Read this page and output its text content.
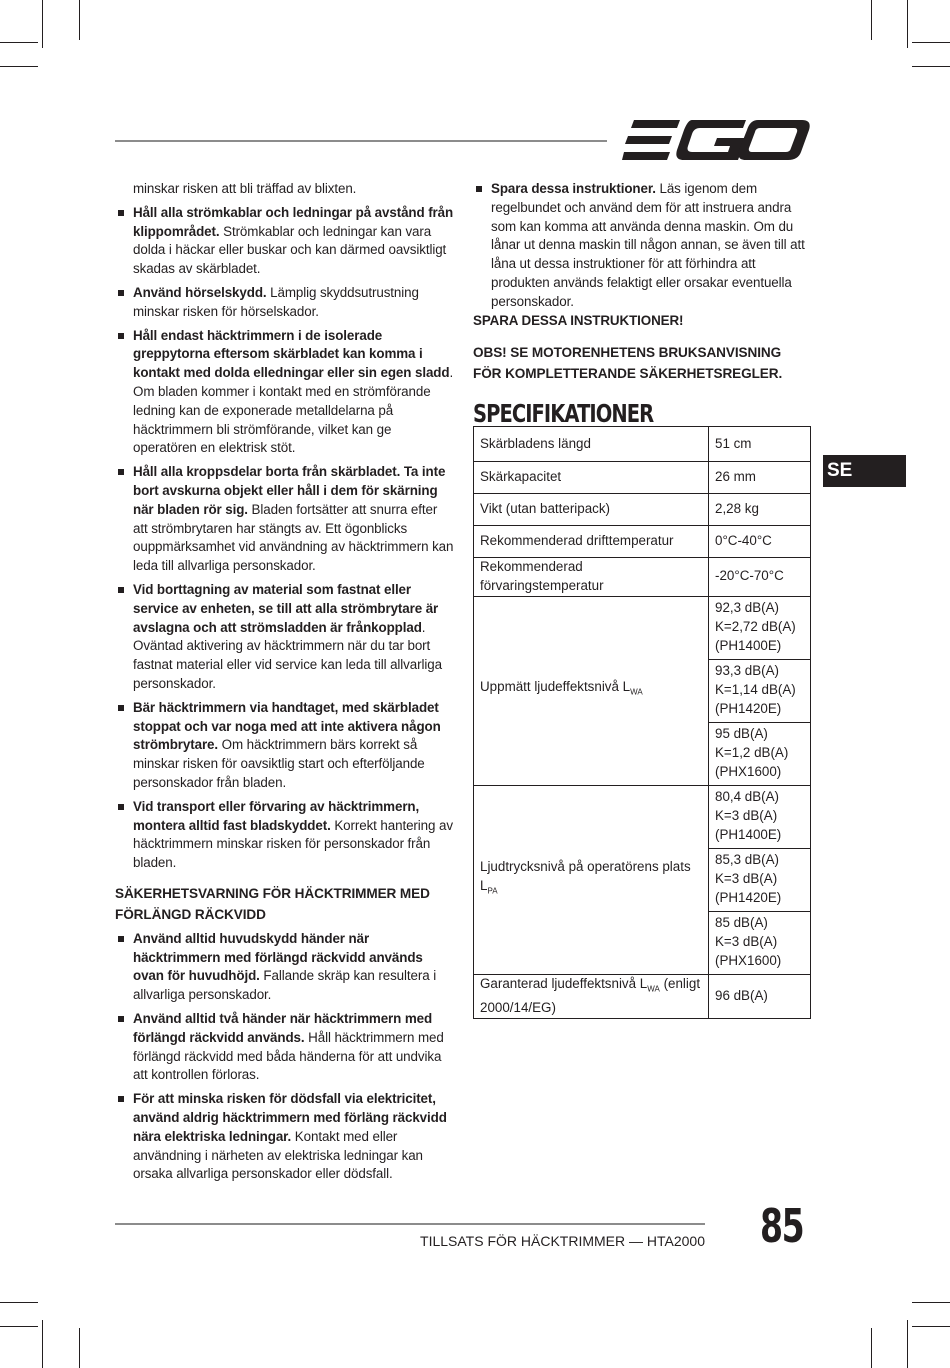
minskar risken att bli träffad av blixten.

Håll alla strömkablar och ledningar på avstånd från klippområdet. Strömkablar och ledningar kan vara dolda i häckar eller buskar och kan därmed oavsiktligt skadas av skärbladet.
Använd hörselskydd. Lämplig skyddsutrustning minskar risken för hörselskador.
Håll endast häcktrimmern i de isolerade greppytorna eftersom skärbladet kan komma i kontakt med dolda elledningar eller sin egen sladd. Om bladen kommer i kontakt med en strömförande ledning kan de exponerade metalldelarna på häcktrimmern bli strömförande, vilket kan ge operatören en elektrisk stöt.
Håll alla kroppsdelar borta från skärbladet. Ta inte bort avskurna objekt eller håll i dem för skärning när bladen rör sig. Bladen fortsätter att snurra efter att strömbrytaren har stängts av. Ett ögonblicks ouppmärksamhet vid användning av häcktrimmern kan leda till allvarliga personskador.
Vid borttagning av material som fastnat eller service av enheten, se till att alla strömbrytare är avslagna och att strömsladden är frånkopplad. Oväntad aktivering av häcktrimmern när du tar bort fastnat material eller vid service kan leda till allvarliga personskador.
Bär häcktrimmern via handtaget, med skärbladet stoppat och var noga med att inte aktivera någon strömbrytare. Om häcktrimmern bärs korrekt så minskar risken för oavsiktlig start och efterföljande personskador från bladen.
Vid transport eller förvaring av häcktrimmern, montera alltid fast bladskyddet. Korrekt hantering av häcktrimmern minskar risken för personskador från bladen.

SÄKERHETSVARNING FÖR HÄCKTRIMMER MED FÖRLÄNGD RÄCKVIDD

Använd alltid huvudskydd händer när häcktrimmern med förlängd räckvidd används ovan för huvudhöjd. Fallande skräp kan resultera i allvarliga personskador.
Använd alltid två händer när häcktrimmern med förlängd räckvidd används. Håll häcktrimmern med förlängd räckvidd med båda händerna för att undvika att kontrollen förloras.
För att minska risken för dödsfall via elektricitet, använd aldrig häcktrimmern med förläng räckvidd nära elektriska ledningar. Kontakt med eller användning i närheten av elektriska ledningar kan orsaka allvarliga personskador eller dödsfall.
Spara dessa instruktioner. Läs igenom dem regelbundet och använd dem för att instruera andra som kan komma att använda denna maskin. Om du lånar ut denna maskin till någon annan, se även till att låna ut dessa instruktioner för att förhindra att produkten används felaktigt eller orsakar eventuella personskador.

SPARA DESSA INSTRUKTIONER!

OBS! SE MOTORENHETENS BRUKSANVISNING FÖR KOMPLETTERANDE SÄKERHETSREGLER.

SPECIFIKATIONER

Skärbladens längd	51 cm
Skärkapacitet	26 mm
Vikt (utan batteripack)	2,28 kg
Rekommenderad drifttemperatur	0°C-40°C
Rekommenderad förvaringstemperatur	-20°C-70°C
Uppmätt ljudeffektsnivå $L_{WA}$	92,3 dB(A)
K=2,72 dB(A)
(PH1400E)

	93,3 dB(A)
K=1,14 dB(A)
(PH1420E)

	95 dB(A)
K=1,2 dB(A)
(PHX1600)

Ljudtrycksnivå på operatörens plats $L_{PA}$	80,4 dB(A)
K=3 dB(A)
(PH1400E)

	85,3 dB(A)
K=3 dB(A)
(PH1420E)

	85 dB(A)
K=3 dB(A)
(PHX1600)

Garanterad ljudeffektsnivå $L_{WA}$ (enligt 2000/14/EG)	96 dB(A)
SE
TILLSATS FÖR HÄCKTRIMMER — HTA2000 85
